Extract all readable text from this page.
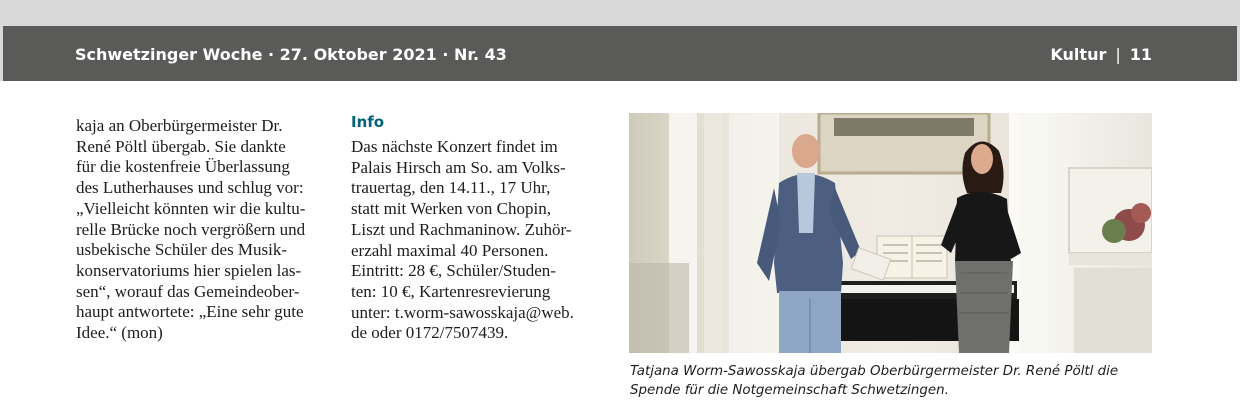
Schwetzinger Woche · 27. Oktober 2021 · Nr. 43	Kultur | 11

kaja an Oberbürgermeister Dr.

René Pöltl übergab. Sie dankte

für die kostenfreie Überlassung

des Lutherhauses und schlug vor:

„Vielleicht könnten wir die kultu-

relle Brücke noch vergrößern und

usbekische Schüler des Musik-

konservatoriums hier spielen las-

sen“, worauf das Gemeindeober-

haupt antwortete: „Eine sehr gute

Idee.“ (mon)

Info

Das nächste Konzert findet im

Palais Hirsch am So. am Volks-

trauertag, den 14.11., 17 Uhr,

statt mit Werken von Chopin,

Liszt und Rachmaninow. Zuhör-

erzahl maximal 40 Personen.

Eintritt: 28 €, Schüler/Studen-

ten: 10 €, Kartenresrevierung

unter: t.worm-sawosskaja@web.

de oder 0172/7507439.

Tatjana Worm-Sawosskaja übergab Oberbürgermeister Dr. René Pöltl die

Spende für die Notgemeinschaft Schwetzingen.
